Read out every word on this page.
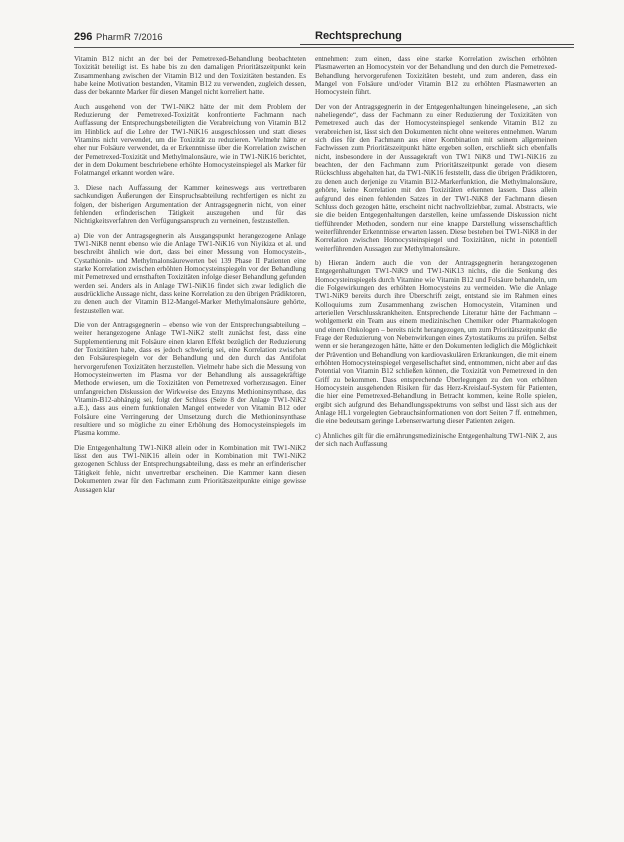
296 PharmR 7/2016	Rechtsprechung

Vitamin B12 nicht an der bei der Pemetrexed-Behandlung beobachteten Toxizität beteiligt ist. Es habe bis zu den damaligen Prioritätszeitpunkt kein Zusammenhang zwischen der Vitamin B12 und den Toxizitäten bestanden. Es habe keine Motivation bestanden, Vitamin B12 zu verwenden, zugleich dessen, dass der bekannte Marker für diesen Mangel nicht korreliert hatte.

Auch ausgehend von der TW1-NiK2 hätte der mit dem Problem der Reduzierung der Pemetrexed-Toxizität konfrontierte Fachmann nach Auffassung der Entsprechungsbeteiligten die Verabreichung von Vitamin B12 im Hinblick auf die Lehre der TW1-NiK16 ausgeschlossen und statt dieses Vitamins nicht verwendet, um die Toxizität zu reduzieren. Vielmehr hätte er eher nur Folsäure verwendet, da er Erkenntnisse über die Korrelation zwischen der Pemetrexed-Toxizität und Methylmalonsäure, wie in TW1-NiK16 berichtet, der in dem Dokument beschriebene erhöhte Homocysteinspiegel als Marker für Folatmangel erkannt worden wäre.

3. Diese nach Auffassung der Kammer keineswegs aus vertretbaren sachkundigen Äußerungen der Einspruchsabteilung rechtfertigen es nicht zu folgen, der bisherigen Argumentation der Antragsgegnerin nicht, von einer fehlenden erfinderischen Tätigkeit auszugehen und für das Nichtigkeitsverfahren den Verfügungsanspruch zu verneinen, festzustellen.

a) Die von der Antragsgegnerin als Ausgangspunkt herangezogene Anlage TW1-NiK8 nennt ebenso wie die Anlage TW1-NiK16 von Niyikiza et al. und beschreibt ähnlich wie dort, dass bei einer Messung von Homocystein-, Cystathionin- und Methylmalonsäurewerten bei 139 Phase II Patienten eine starke Korrelation zwischen erhöhten Homocysteinspiegeln vor der Behandlung mit Pemetrexed und ernsthaften Toxizitäten infolge dieser Behandlung gefunden werden sei. Anders als in Anlage TW1-NiK16 findet sich zwar lediglich die ausdrückliche Aussage nicht, dass keine Korrelation zu den übrigen Prädiktoren, zu denen auch der Vitamin B12-Mangel-Marker Methylmalonsäure gehörte, festzustellen war.

Die von der Antragsgegnerin – ebenso wie von der Entsprechungsabteilung – weiter herangezogene Anlage TW1-NiK2 stellt zunächst fest, dass eine Supplementierung mit Folsäure einen klaren Effekt bezüglich der Reduzierung der Toxizitäten habe, dass es jedoch schwierig sei, eine Korrelation zwischen den Folsäurespiegeln vor der Behandlung und den durch das Antifolat hervorgerufenen Toxizitäten herzustellen. Vielmehr habe sich die Messung von Homocysteinwerten im Plasma vor der Behandlung als aussagekräftige Methode erwiesen, um die Toxizitäten von Pemetrexed vorherzusagen. Einer umfangreichen Diskussion der Wirkweise des Enzyms Methioninsynthase, das Vitamin-B12-abhängig sei, folgt der Schluss (Seite 8 der Anlage TW1-NiK2 a.E.), dass aus einem funktionalen Mangel entweder von Vitamin B12 oder Folsäure eine Verringerung der Umsetzung durch die Methioninsynthase resultiere und so mögliche zu einer Erhöhung des Homocysteinspiegels im Plasma komme.

Die Entgegenhaltung TW1-NiK8 allein oder in Kombination mit TW1-NiK2 lässt den aus TW1-NiK16 allein oder in Kombination mit TW1-NiK2 gezogenen Schluss der Entsprechungsabteilung, dass es mehr an erfinderischer Tätigkeit fehle, nicht unvertretbar erscheinen. Die Kammer kann diesen Dokumenten zwar für den Fachmann zum Prioritätszeitpunkte einige gewisse Aussagen klar

entnehmen: zum einen, dass eine starke Korrelation zwischen erhöhten Plasmawerten an Homocystein vor der Behandlung und den durch die Pemetrexed-Behandlung hervorgerufenen Toxizitäten besteht, und zum anderen, dass ein Mangel von Folsäure und/oder Vitamin B12 zu erhöhten Plasmawerten an Homocystein führt.

Der von der Antragsgegnerin in der Entgegenhaltungen hineingelesene, „an sich naheliegende“, dass der Fachmann zu einer Reduzierung der Toxizitäten von Pemetrexed auch das der Homocysteinspiegel senkende Vitamin B12 zu verabreichen ist, lässt sich den Dokumenten nicht ohne weiteres entnehmen. Warum sich dies für den Fachmann aus einer Kombination mit seinem allgemeinen Fachwissen zum Prioritätszeitpunkt hätte ergeben sollen, erschließt sich ebenfalls nicht, insbesondere in der Aussagekraft von TW1 NiK8 und TW1-NiK16 zu beachten, der den Fachmann zum Prioritätszeitpunkt gerade von diesem Rückschluss abgehalten hat, da TW1-NiK16 feststellt, dass die übrigen Prädiktoren, zu denen auch derjenige zu Vitamin B12-Markerfunktion, die Methylmalonsäure, gehörte, keine Korrelation mit den Toxizitäten erkennen lassen. Dass allein aufgrund des einen fehlenden Satzes in der TW1-NiK8 der Fachmann diesen Schluss doch gezogen hätte, erscheint nicht nachvollziehbar, zumal. Abstracts, wie sie die beiden Entgegenhaltungen darstellen, keine umfassende Diskussion nicht tiefführender Methoden, sondern nur eine knappe Darstellung wissenschaftlich weiterführender Erkenntnisse erwarten lassen. Diese bestehen bei TW1-NiK8 in der Korrelation zwischen Homocysteinspiegel und Toxizitäten, nicht in potentiell weiterführenden Aussagen zur Methylmalonsäure.

b) Hieran ändern auch die von der Antragsgegnerin herangezogenen Entgegenhaltungen TW1-NiK9 und TW1-NiK13 nichts, die die Senkung des Homocysteinspiegels durch Vitamine wie Vitamin B12 und Folsäure behandeln, um die Folgewirkungen des erhöhten Homocysteins zu vermeiden. Wie die Anlage TW1-NiK9 bereits durch ihre Überschrift zeigt, entstand sie im Rahmen eines Kolloquiums zum Zusammenhang zwischen Homocystein, Vitaminen und arteriellen Verschlusskrankheiten. Entsprechende Literatur hätte der Fachmann – wohlgemerkt ein Team aus einem medizinischen Chemiker oder Pharmakologen und einem Onkologen – bereits nicht herangezogen, um zum Prioritätszeitpunkt die Frage der Reduzierung von Nebenwirkungen eines Zytostatikums zu prüfen. Selbst wenn er sie herangezogen hätte, hätte er den Dokumenten lediglich die Möglichkeit der Prävention und Behandlung von kardiovaskulären Erkrankungen, die mit einem erhöhten Homocysteinspiegel vergesellschaftet sind, entnommen, nicht aber auf das Potential von Vitamin B12 schließen können, die Toxizität von Pemetrexed in den Griff zu bekommen. Dass entsprechende Überlegungen zu den von erhöhten Homocystein ausgehenden Risiken für das Herz-Kreislauf-System für Patienten, die hier eine Pemetrexed-Behandlung in Betracht kommen, keine Rolle spielen, ergibt sich aufgrund des Behandlungsspektrums von selbst und lässt sich aus der Anlage HL1 vorgelegten Gebrauchsinformationen von dort Seiten 7 ff. entnehmen, die eine bedeutsam geringe Lebenserwartung dieser Patienten zeigen.

c) Ähnliches gilt für die ernährungsmedizinische Entgegenhaltung TW1-NiK 2, aus der sich nach Auffassung
